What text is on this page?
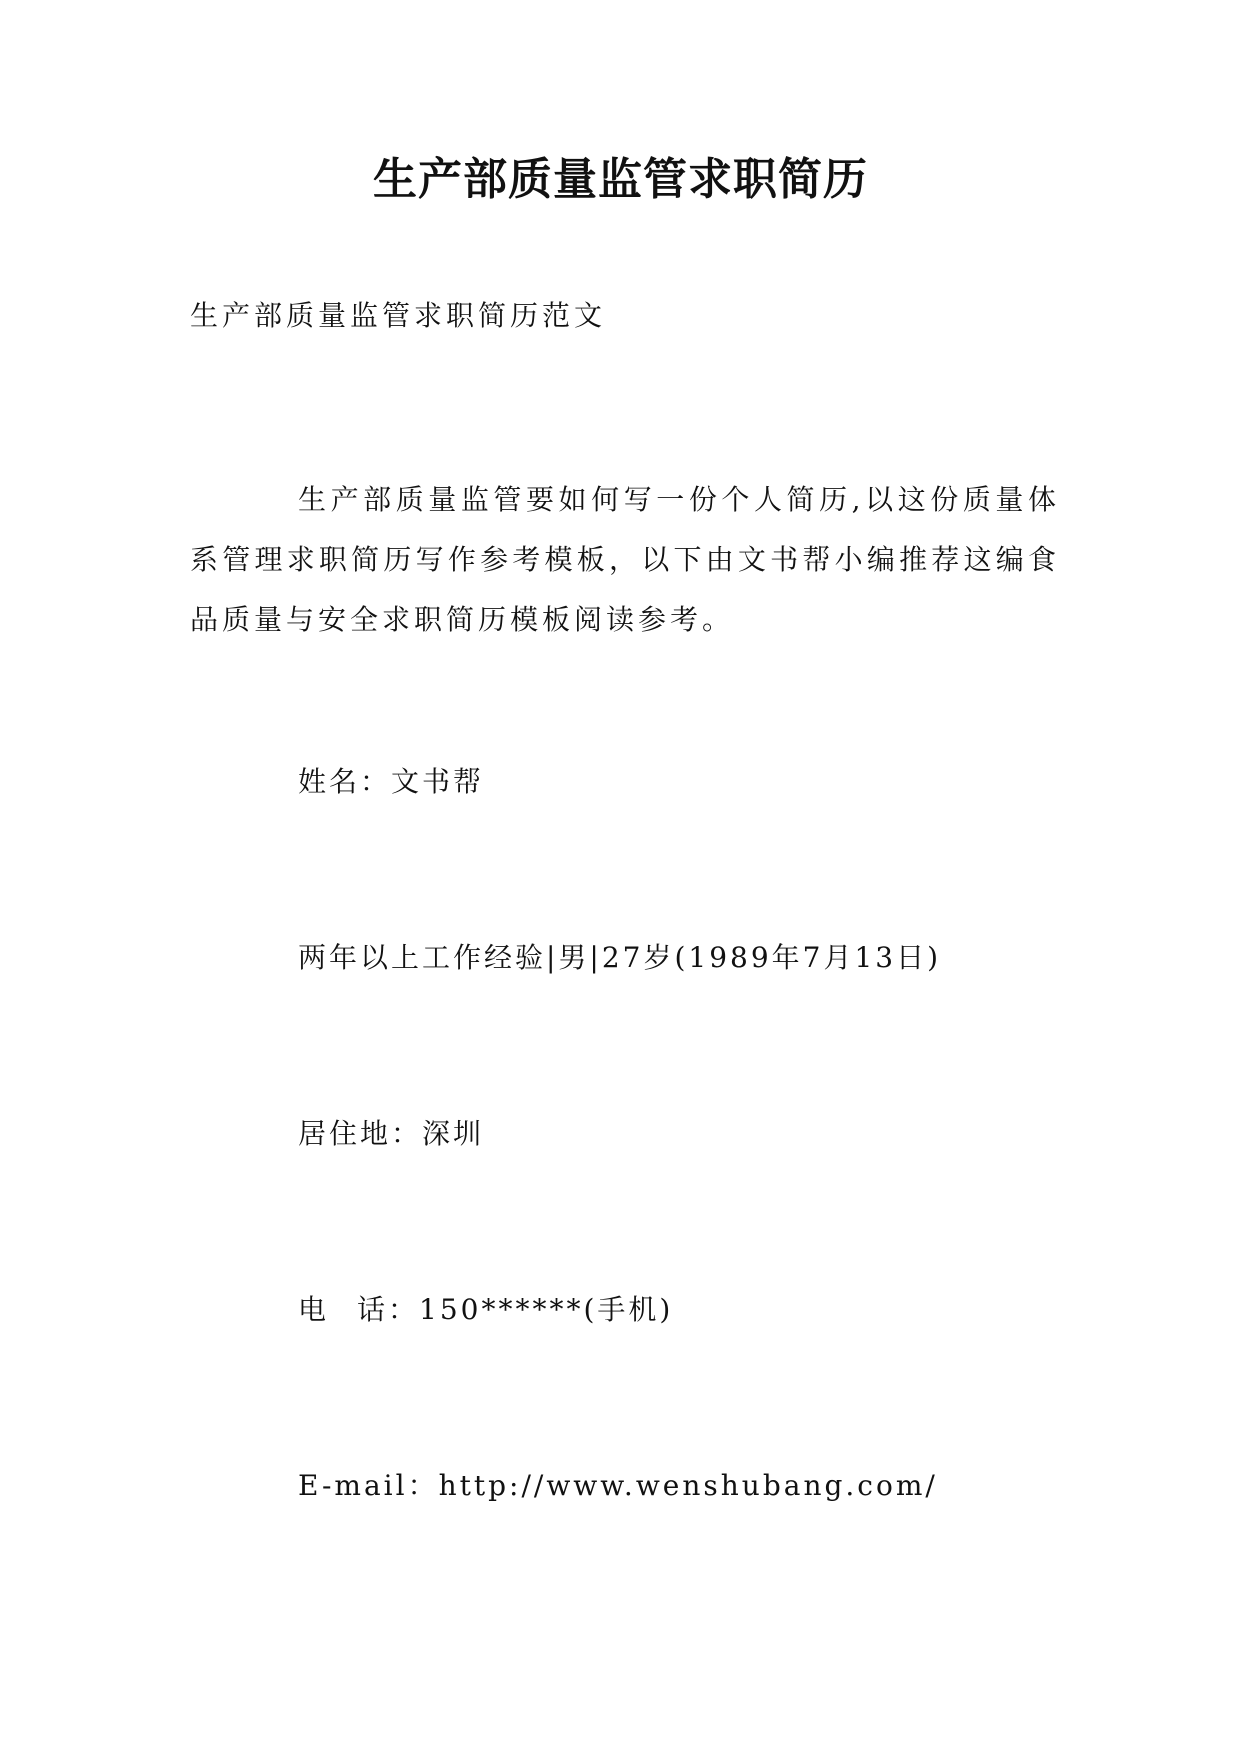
生产部质量监管求职简历
生产部质量监管求职简历范文
生产部质量监管要如何写一份个人简历,以这份质量体系管理求职简历写作参考模板，以下由文书帮小编推荐这编食品质量与安全求职简历模板阅读参考。
姓名：文书帮
两年以上工作经验|男|27岁(1989年7月13日)
居住地：深圳
电 话：150******(手机)
E-mail：http://www.wenshubang.com/
